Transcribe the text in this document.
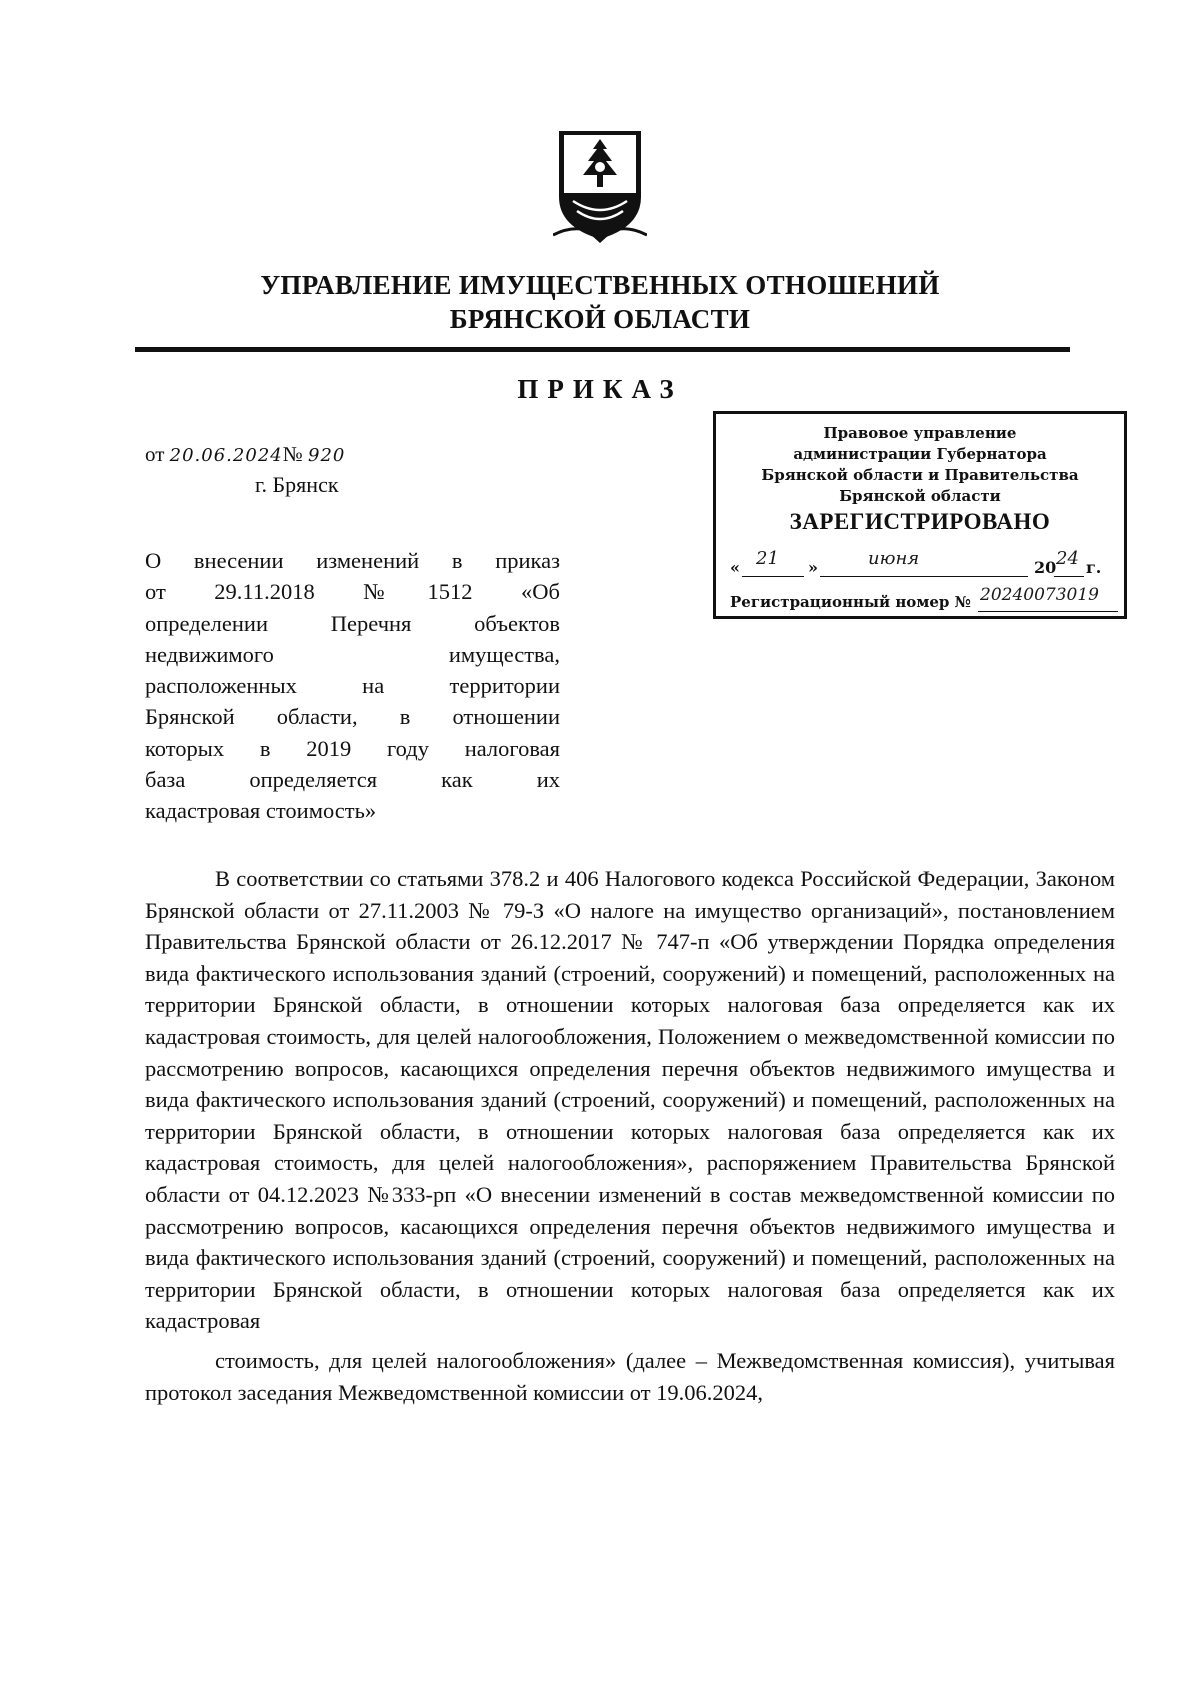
УПРАВЛЕНИЕ ИМУЩЕСТВЕННЫХ ОТНОШЕНИЙ
БРЯНСКОЙ ОБЛАСТИ
ПРИКАЗ
Правовое управление
администрации Губернатора
Брянской области и Правительства
Брянской области
ЗАРЕГИСТРИРОВАНО
« 21 »	июня	20 24 г.
Регистрационный номер № 20240073019
от 20.06.2024№ 920
г. Брянск
О внесении изменений в приказ
от 29.11.2018 №1512 «Об
определении Перечня объектов
недвижимого имущества,
расположенных на территории
Брянской области, в отношении
которых в 2019 году налоговая
база определяется как их
кадастровая стоимость»

В соответствии со статьями 378.2 и 406 Налогового кодекса Российской Федерации, Законом Брянской области от 27.11.2003 № 79-З «О налоге на имущество организаций», постановлением Правительства Брянской области от 26.12.2017 № 747-п «Об утверждении Порядка определения вида фактического использования зданий (строений, сооружений) и помещений, расположенных на территории Брянской области, в отношении которых налоговая база определяется как их кадастровая стоимость, для целей налогообложения, Положением о межведомственной комиссии по рассмотрению вопросов, касающихся определения перечня объектов недвижимого имущества и вида фактического использования зданий (строений, сооружений) и помещений, расположенных на территории Брянской области, в отношении которых налоговая база определяется как их кадастровая стоимость, для целей налогообложения», распоряжением Правительства Брянской области от 04.12.2023 №333-рп «О внесении изменений в состав межведомственной комиссии по рассмотрению вопросов, касающихся определения перечня объектов недвижимого имущества и вида фактического использования зданий (строений, сооружений) и помещений, расположенных на территории Брянской области, в отношении которых налоговая база определяется как их кадастровая

стоимость, для целей налогообложения» (далее – Межведомственная комиссия), учитывая протокол заседания Межведомственной комиссии от 19.06.2024,
